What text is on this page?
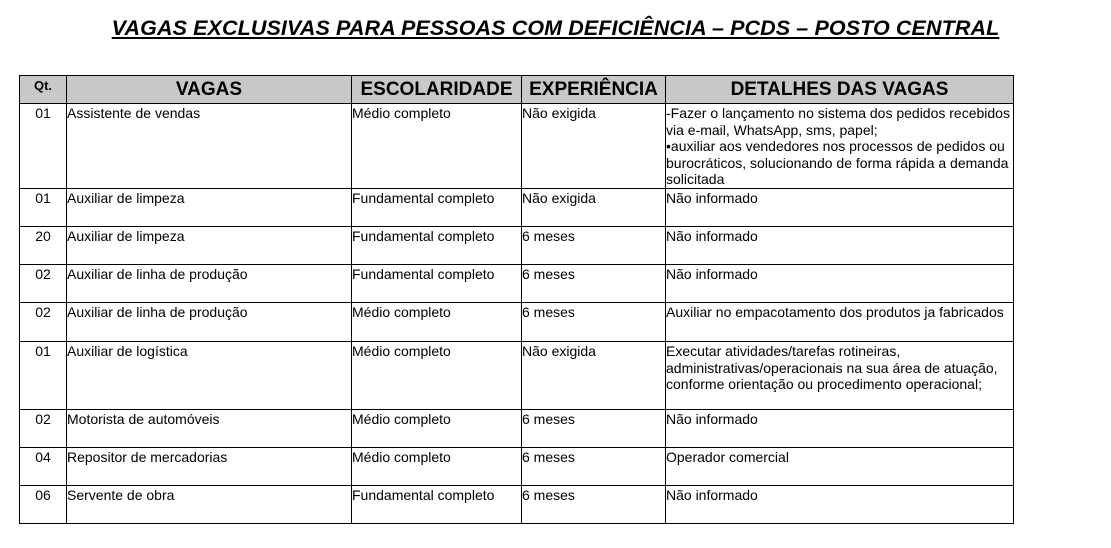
VAGAS EXCLUSIVAS PARA PESSOAS COM DEFICIÊNCIA – PCDS – POSTO CENTRAL
Qt.	VAGAS	ESCOLARIDADE	EXPERIÊNCIA	DETALHES DAS VAGAS
01	Assistente de vendas	Médio completo	Não exigida	-Fazer o lançamento no sistema dos pedidos recebidos via e-mail, WhatsApp, sms, papel;
•auxiliar aos vendedores nos processos de pedidos ou burocráticos, solucionando de forma rápida a demanda solicitada

01	Auxiliar de limpeza	Fundamental completo	Não exigida	Não informado

20	Auxiliar de limpeza	Fundamental completo	6 meses	Não informado

02	Auxiliar de linha de produção	Fundamental completo	6 meses	Não informado

02	Auxiliar de linha de produção	Médio completo	6 meses	Auxiliar no empacotamento dos produtos ja fabricados

01	Auxiliar de logística	Médio completo	Não exigida	Executar atividades/tarefas rotineiras, administrativas/operacionais na sua área de atuação, conforme orientação ou procedimento operacional;

02	Motorista de automóveis	Médio completo	6 meses	Não informado

04	Repositor de mercadorias	Médio completo	6 meses	Operador comercial

06	Servente de obra	Fundamental completo	6 meses	Não informado
